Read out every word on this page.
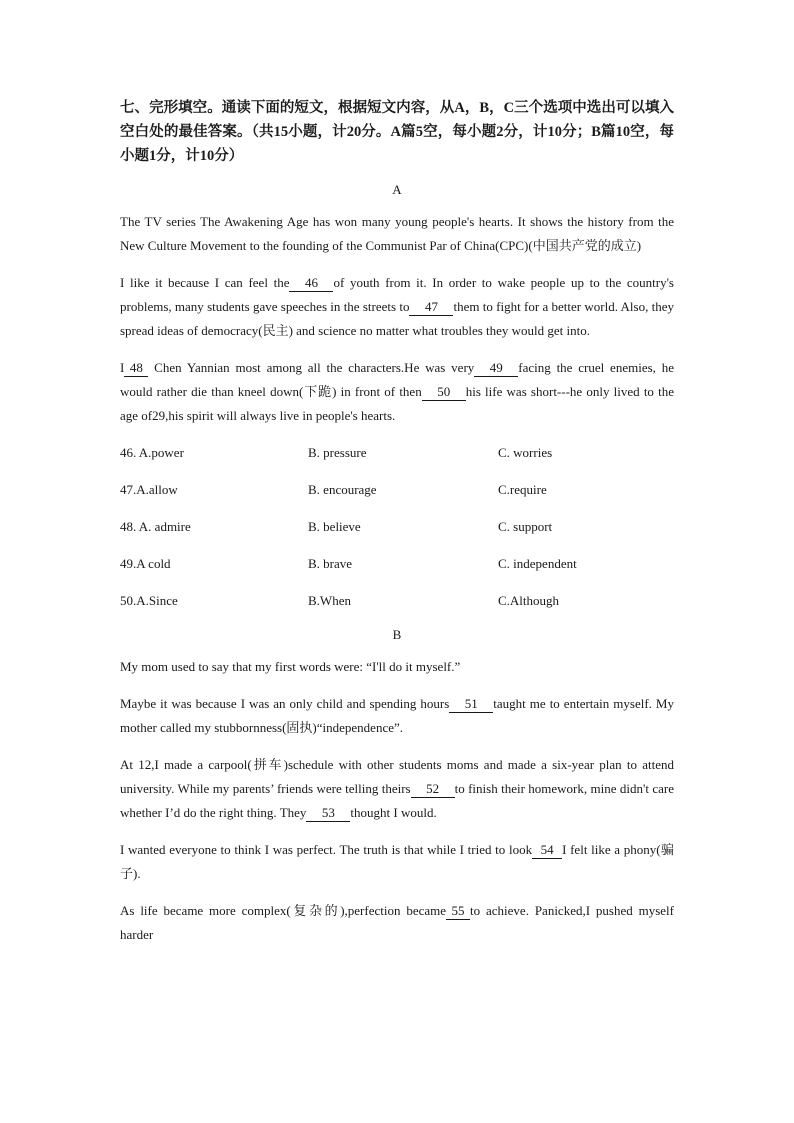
七、完形填空。通读下面的短文，根据短文内容，从A，B，C三个选项中选出可以填入空白处的最佳答案。（共15小题，计20分。A篇5空，每小题2分，计10分；B篇10空，每小题1分，计10分）

A

The TV series The Awakening Age has won many young people's hearts. It shows the history from the New Culture Movement to the founding of the Communist Par of China(CPC)(中国共产党的成立)

I like it because I can feel the 46 of youth from it. In order to wake people up to the country's problems, many students gave speeches in the streets to 47 them to fight for a better world. Also, they spread ideas of democracy(民主) and science no matter what troubles they would get into.

I 48 Chen Yannian most among all the characters.He was very 49 facing the cruel enemies, he would rather die than kneel down(下跪) in front of then 50 his life was short---he only lived to the age of29,his spirit will always live in people's hearts.

46. A.power	B. pressure	C. worries
47.A.allow	B. encourage	C.require
48. A. admire	B. believe	C. support
49.A cold	B. brave	C. independent
50.A.Since	B.When	C.Although
B

My mom used to say that my first words were: “I'll do it myself.”

Maybe it was because I was an only child and spending hours 51 taught me to entertain myself. My mother called my stubbornness(固执)“independence”.

At 12,I made a carpool(拼车)schedule with other students moms and made a six-year plan to attend university. While my parents’ friends were telling theirs 52 to finish their homework, mine didn't care whether I’d do the right thing. They 53 thought I would.

I wanted everyone to think I was perfect. The truth is that while I tried to look 54 I felt like a phony(骗子).

As life became more complex(复杂的),perfection became 55 to achieve. Panicked,I pushed myself harder
